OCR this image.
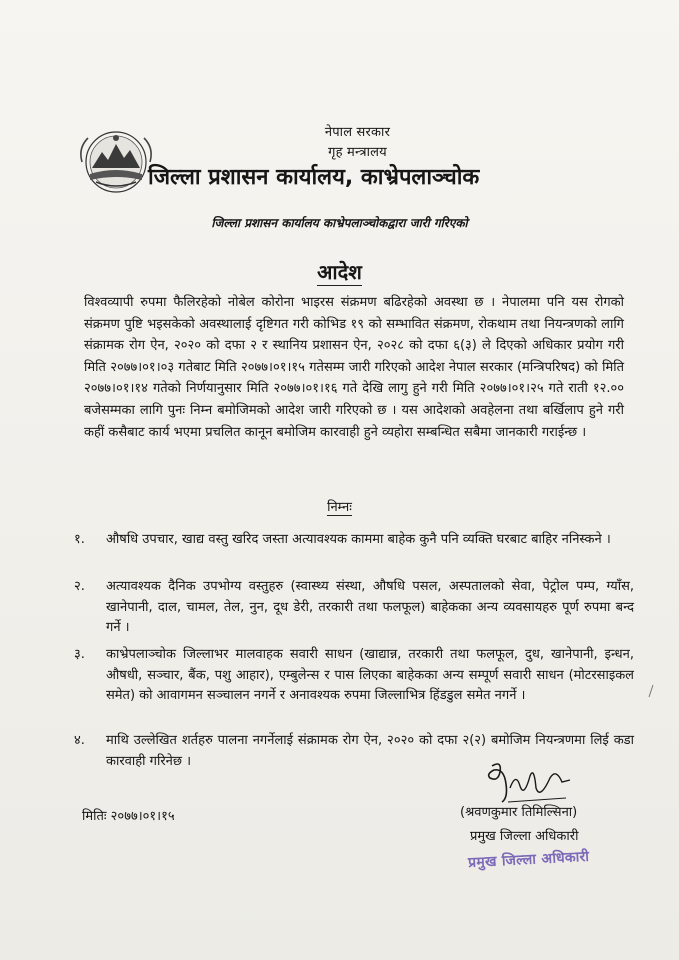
नेपाल सरकार
गृह मन्त्रालय
जिल्ला प्रशासन कार्यालय, काभ्रेपलाञ्चोक
जिल्ला प्रशासन कार्यालय काभ्रेपलाञ्चोकद्वारा जारी गरिएको
आदेश
विश्वव्यापी रुपमा फैलिरहेको नोबेल कोरोना भाइरस संक्रमण बढिरहेको अवस्था छ । नेपालमा पनि यस रोगको संक्रमण पुष्टि भइसकेको अवस्थालाई दृष्टिगत गरी कोभिड १९ को सम्भावित संक्रमण, रोकथाम तथा नियन्त्रणको लागि संक्रामक रोग ऐन, २०२० को दफा २ र स्थानिय प्रशासन ऐन, २०२८ को दफा ६(३) ले दिएको अधिकार प्रयोग गरी मिति २०७७।०१।०३ गतेबाट मिति २०७७।०१।१५ गतेसम्म जारी गरिएको आदेश नेपाल सरकार (मन्त्रिपरिषद) को मिति २०७७।०१।१४ गतेको निर्णयानुसार मिति २०७७।०१।१६ गते देखि लागु हुने गरी मिति २०७७।०१।२५ गते राती १२.०० बजेसम्मका लागि पुनः निम्न बमोजिमको आदेश जारी गरिएको छ । यस आदेशको अवहेलना तथा बर्खिलाप हुने गरी कहीं कसैबाट कार्य भएमा प्रचलित कानून बमोजिम कारवाही हुने व्यहोरा सम्बन्धित सबैमा जानकारी गराईन्छ ।
निम्नः
१.	औषधि उपचार, खाद्य वस्तु खरिद जस्ता अत्यावश्यक काममा बाहेक कुनै पनि व्यक्ति घरबाट बाहिर ननिस्कने ।
२.	अत्यावश्यक दैनिक उपभोग्य वस्तुहरु (स्वास्थ्य संस्था, औषधि पसल, अस्पतालको सेवा, पेट्रोल पम्प, ग्याँस, खानेपानी, दाल, चामल, तेल, नुन, दूध डेरी, तरकारी तथा फलफूल) बाहेकका अन्य व्यवसायहरु पूर्ण रुपमा बन्द गर्ने ।
३.	काभ्रेपलाञ्चोक जिल्लाभर मालवाहक सवारी साधन (खाद्यान्न, तरकारी तथा फलफूल, दुध, खानेपानी, इन्धन, औषधी, सञ्चार, बैंक, पशु आहार), एम्बुलेन्स र पास लिएका बाहेकका अन्य सम्पूर्ण सवारी साधन (मोटरसाइकल समेत) को आवागमन सञ्चालन नगर्ने र अनावश्यक रुपमा जिल्लाभित्र हिंडडुल समेत नगर्ने ।
४.	माथि उल्लेखित शर्तहरु पालना नगर्नेलाई संक्रामक रोग ऐन, २०२० को दफा २(२) बमोजिम नियन्त्रणमा लिई कडा कारवाही गरिनेछ ।
मितिः २०७७।०१।१५	(श्रवणकुमार तिमिल्सिना)
प्रमुख जिल्ला अधिकारी
प्रमुख जिल्ला अधिकारी
